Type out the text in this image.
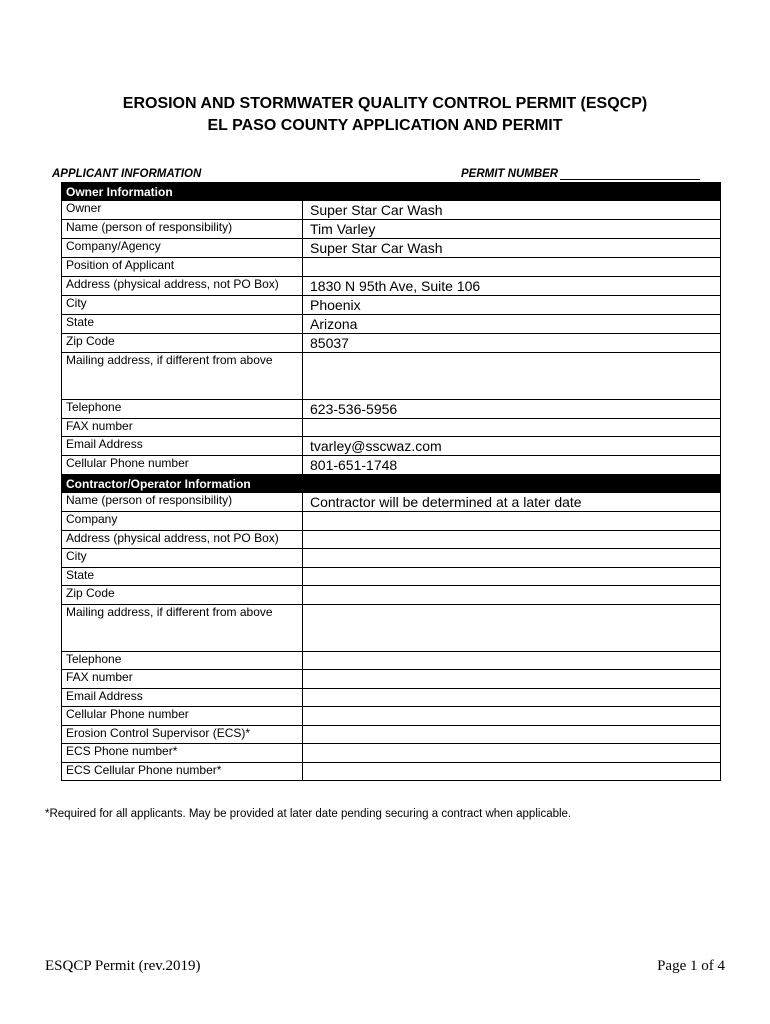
EROSION AND STORMWATER QUALITY CONTROL PERMIT (ESQCP)
EL PASO COUNTY APPLICATION AND PERMIT
APPLICANT INFORMATION	PERMIT NUMBER
Owner Information	
Owner	Super Star Car Wash
Name (person of responsibility)	Tim Varley
Company/Agency	Super Star Car Wash
Position of Applicant	
Address (physical address, not PO Box)	1830 N 95th Ave, Suite 106
City	Phoenix
State	Arizona
Zip Code	85037
Mailing address, if different from above	
Telephone	623-536-5956
FAX number	
Email Address	tvarley@sscwaz.com
Cellular Phone number	801-651-1748
Contractor/Operator Information	
Name (person of responsibility)	Contractor will be determined at a later date
Company	
Address (physical address, not PO Box)	
City	
State	
Zip Code	
Mailing address, if different from above	
Telephone	
FAX number	
Email Address	
Cellular Phone number	
Erosion Control Supervisor (ECS)*	
ECS Phone number*	
ECS Cellular Phone number*	
*Required for all applicants. May be provided at later date pending securing a contract when applicable.
ESQCP Permit (rev.2019)	Page 1 of 4
